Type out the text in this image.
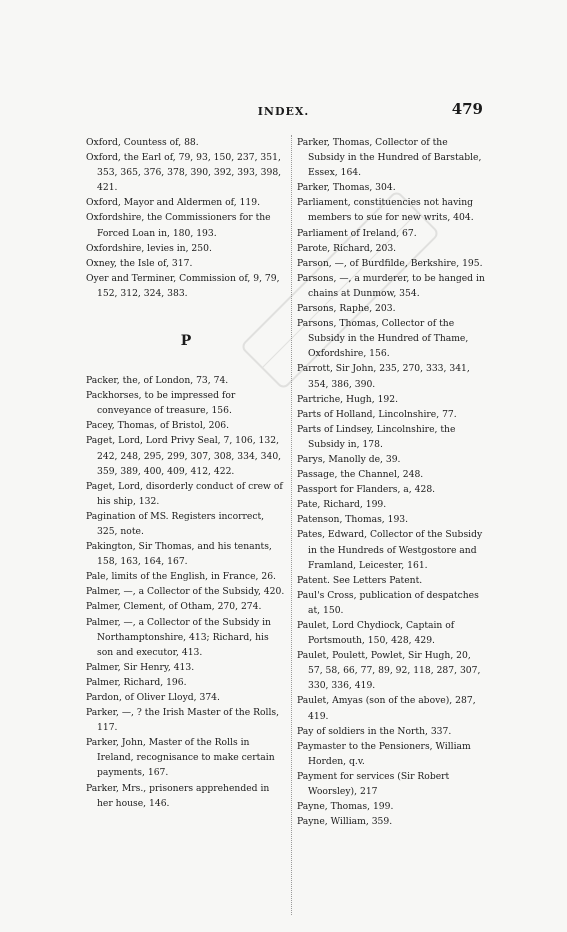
INDEX.	479

Oxford, Countess of, 88.

Oxford, the Earl of, 79, 93, 150, 237, 351, 353, 365, 376, 378, 390, 392, 393, 398, 421.

Oxford, Mayor and Aldermen of, 119.

Oxfordshire, the Commissioners for the Forced Loan in, 180, 193.

Oxfordshire, levies in, 250.

Oxney, the Isle of, 317.

Oyer and Terminer, Commission of, 9, 79, 152, 312, 324, 383.

P

Packer, the, of London, 73, 74.

Packhorses, to be impressed for conveyance of treasure, 156.

Pacey, Thomas, of Bristol, 206.

Paget, Lord, Lord Privy Seal, 7, 106, 132, 242, 248, 295, 299, 307, 308, 334, 340, 359, 389, 400, 409, 412, 422.

Paget, Lord, disorderly conduct of crew of his ship, 132.

Pagination of MS. Registers incorrect, 325, note.

Pakington, Sir Thomas, and his tenants, 158, 163, 164, 167.

Pale, limits of the English, in France, 26.

Palmer, —, a Collector of the Subsidy, 420.

Palmer, Clement, of Otham, 270, 274.

Palmer, —, a Collector of the Subsidy in Northamptonshire, 413; Richard, his son and executor, 413.

Palmer, Sir Henry, 413.

Palmer, Richard, 196.

Pardon, of Oliver Lloyd, 374.

Parker, —, ? the Irish Master of the Rolls, 117.

Parker, John, Master of the Rolls in Ireland, recognisance to make certain payments, 167.

Parker, Mrs., prisoners apprehended in her house, 146.

Parker, Thomas, Collector of the Subsidy in the Hundred of Barstable, Essex, 164.

Parker, Thomas, 304.

Parliament, constituencies not having members to sue for new writs, 404.

Parliament of Ireland, 67.

Parote, Richard, 203.

Parson, —, of Burdfilde, Berkshire, 195.

Parsons, —, a murderer, to be hanged in chains at Dunmow, 354.

Parsons, Raphe, 203.

Parsons, Thomas, Collector of the Subsidy in the Hundred of Thame, Oxfordshire, 156.

Parrott, Sir John, 235, 270, 333, 341, 354, 386, 390.

Partriche, Hugh, 192.

Parts of Holland, Lincolnshire, 77.

Parts of Lindsey, Lincolnshire, the Subsidy in, 178.

Parys, Manolly de, 39.

Passage, the Channel, 248.

Passport for Flanders, a, 428.

Pate, Richard, 199.

Patenson, Thomas, 193.

Pates, Edward, Collector of the Subsidy in the Hundreds of Westgostore and Framland, Leicester, 161.

Patent. See Letters Patent.

Paul's Cross, publication of despatches at, 150.

Paulet, Lord Chydiock, Captain of Portsmouth, 150, 428, 429.

Paulet, Poulett, Powlet, Sir Hugh, 20, 57, 58, 66, 77, 89, 92, 118, 287, 307, 330, 336, 419.

Paulet, Amyas (son of the above), 287, 419.

Pay of soldiers in the North, 337.

Paymaster to the Pensioners, William Horden, q.v.

Payment for services (Sir Robert Woorsley), 217

Payne, Thomas, 199.

Payne, William, 359.
